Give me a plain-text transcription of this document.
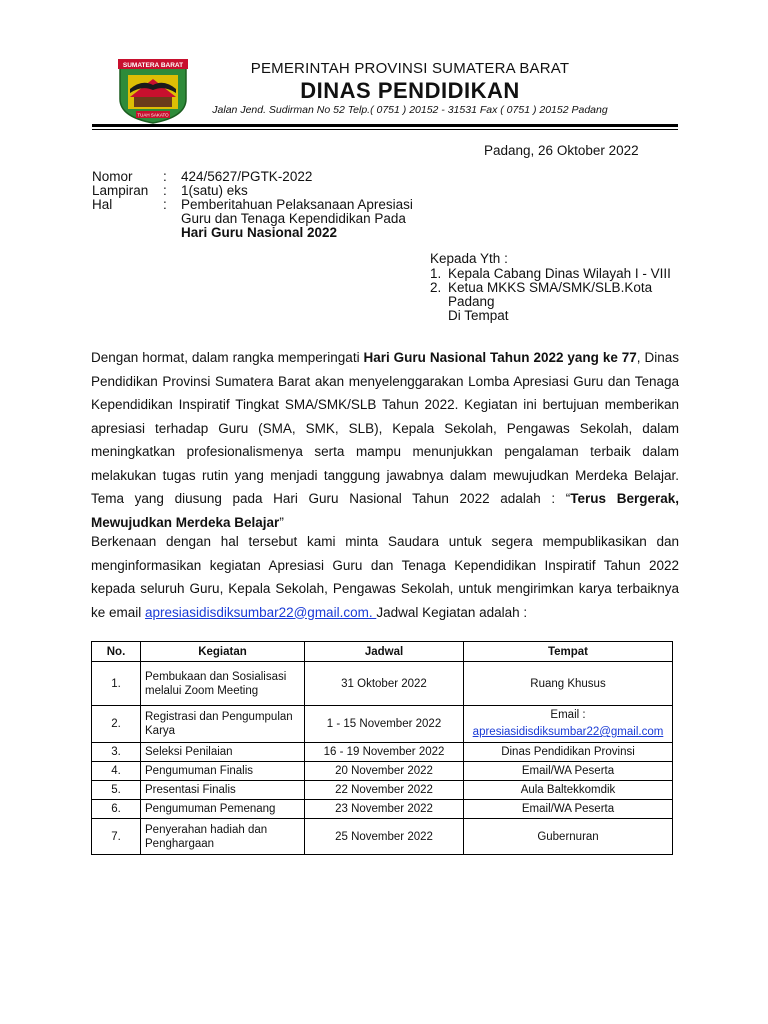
SUMATERA BARAT
TUAH SAKATO
PEMERINTAH PROVINSI SUMATERA BARAT
DINAS PENDIDIKAN
Jalan Jend. Sudirman No 52 Telp.( 0751 ) 20152 - 31531 Fax ( 0751 ) 20152 Padang
Padang, 26 Oktober 2022
Nomor : 424/5627/PGTK-2022
Lampiran : 1(satu) eks
Hal	: Pemberitahuan Pelaksanaan Apresiasi
Guru dan Tenaga Kependidikan Pada
Hari Guru Nasional 2022
Kepada Yth :
1. Kepala Cabang Dinas Wilayah I - VIII
2. Ketua MKKS SMA/SMK/SLB.Kota
Padang
Di Tempat
Dengan hormat, dalam rangka memperingati Hari Guru Nasional Tahun 2022 yang ke 77, Dinas Pendidikan Provinsi Sumatera Barat akan menyelenggarakan Lomba Apresiasi Guru dan Tenaga Kependidikan Inspiratif Tingkat SMA/SMK/SLB Tahun 2022. Kegiatan ini bertujuan memberikan apresiasi terhadap Guru (SMA, SMK, SLB), Kepala Sekolah, Pengawas Sekolah, dalam meningkatkan profesionalismenya serta mampu menunjukkan pengalaman terbaik dalam melakukan tugas rutin yang menjadi tanggung jawabnya dalam mewujudkan Merdeka Belajar. Tema yang diusung pada Hari Guru Nasional Tahun 2022 adalah : “Terus Bergerak, Mewujudkan Merdeka Belajar”
Berkenaan dengan hal tersebut kami minta Saudara untuk segera mempublikasikan dan menginformasikan kegiatan Apresiasi Guru dan Tenaga Kependidikan Inspiratif Tahun 2022 kepada seluruh Guru, Kepala Sekolah, Pengawas Sekolah, untuk mengirimkan karya terbaiknya ke email apresiasidisdiksumbar22@gmail.com. Jadwal Kegiatan adalah :
No.	Kegiatan	Jadwal	Tempat
1.	Pembukaan dan Sosialisasi melalui Zoom Meeting	31 Oktober 2022	Ruang Khusus
2.	Registrasi dan Pengumpulan Karya	1 - 15 November 2022	Email :
apresiasidisdiksumbar22@gmail.com

3.	Seleksi Penilaian	16 - 19 November 2022	Dinas Pendidikan Provinsi
4.	Pengumuman Finalis	20 November 2022	Email/WA Peserta
5.	Presentasi Finalis	22 November 2022	Aula Baltekkomdik
6.	Pengumuman Pemenang	23 November 2022	Email/WA Peserta
7.	Penyerahan hadiah dan Penghargaan	25 November 2022	Gubernuran
